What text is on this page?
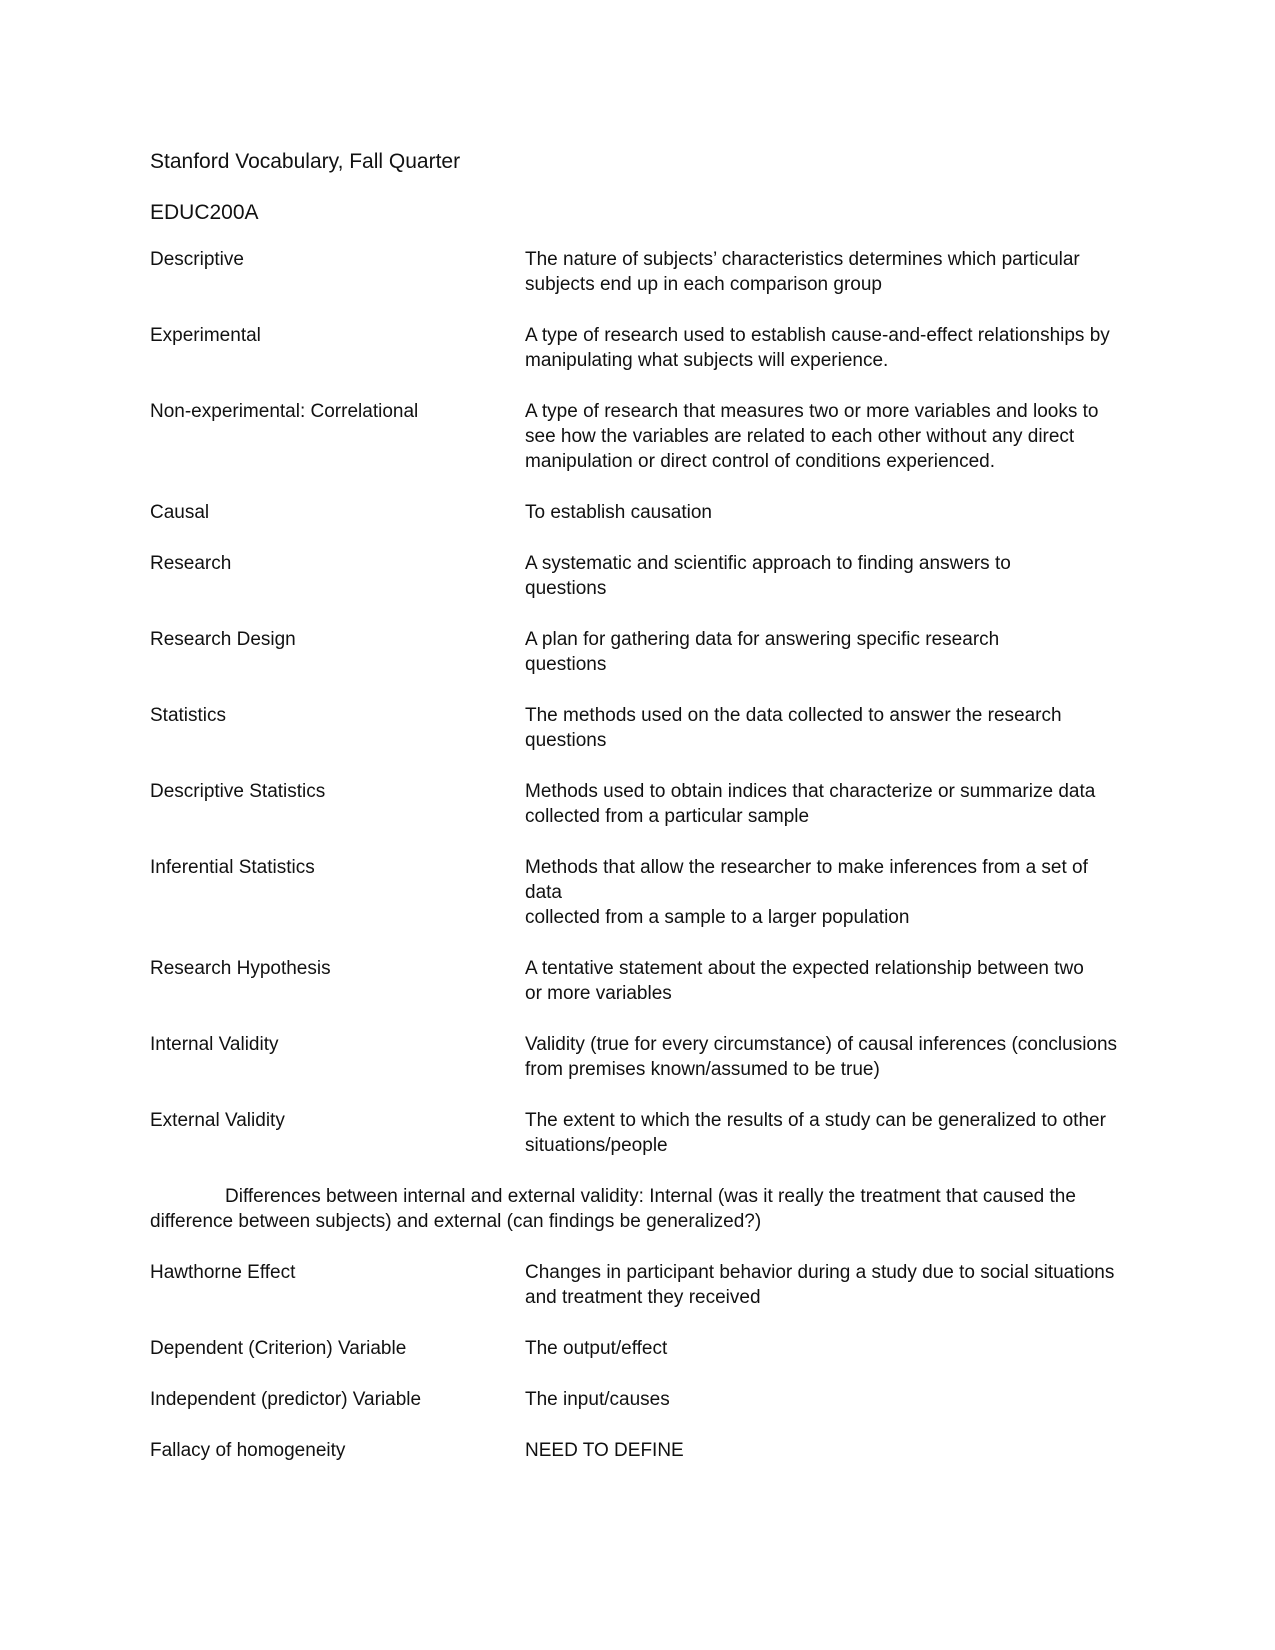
Stanford Vocabulary, Fall Quarter
EDUC200A
Descriptive	The nature of subjects’ characteristics determines which particular
subjects end up in each comparison group
Experimental	A type of research used to establish cause-and-effect relationships by
manipulating what subjects will experience.
Non-experimental: Correlational	A type of research that measures two or more variables and looks to
see how the variables are related to each other without any direct
manipulation or direct control of conditions experienced.
Causal	To establish causation
Research	A systematic and scientific approach to finding answers to
questions
Research Design	A plan for gathering data for answering specific research
questions
Statistics	The methods used on the data collected to answer the research
questions
Descriptive Statistics	Methods used to obtain indices that characterize or summarize data
collected from a particular sample
Inferential Statistics	Methods that allow the researcher to make inferences from a set of
data
collected from a sample to a larger population
Research Hypothesis	A tentative statement about the expected relationship between two
or more variables
Internal Validity	Validity (true for every circumstance) of causal inferences (conclusions
from premises known/assumed to be true)
External Validity	The extent to which the results of a study can be generalized to other
situations/people
Differences between internal and external validity: Internal (was it really the treatment that caused the difference between subjects) and external (can findings be generalized?)
Hawthorne Effect	Changes in participant behavior during a study due to social situations
and treatment they received
Dependent (Criterion) Variable	The output/effect
Independent (predictor) Variable	The input/causes
Fallacy of homogeneity	NEED TO DEFINE
